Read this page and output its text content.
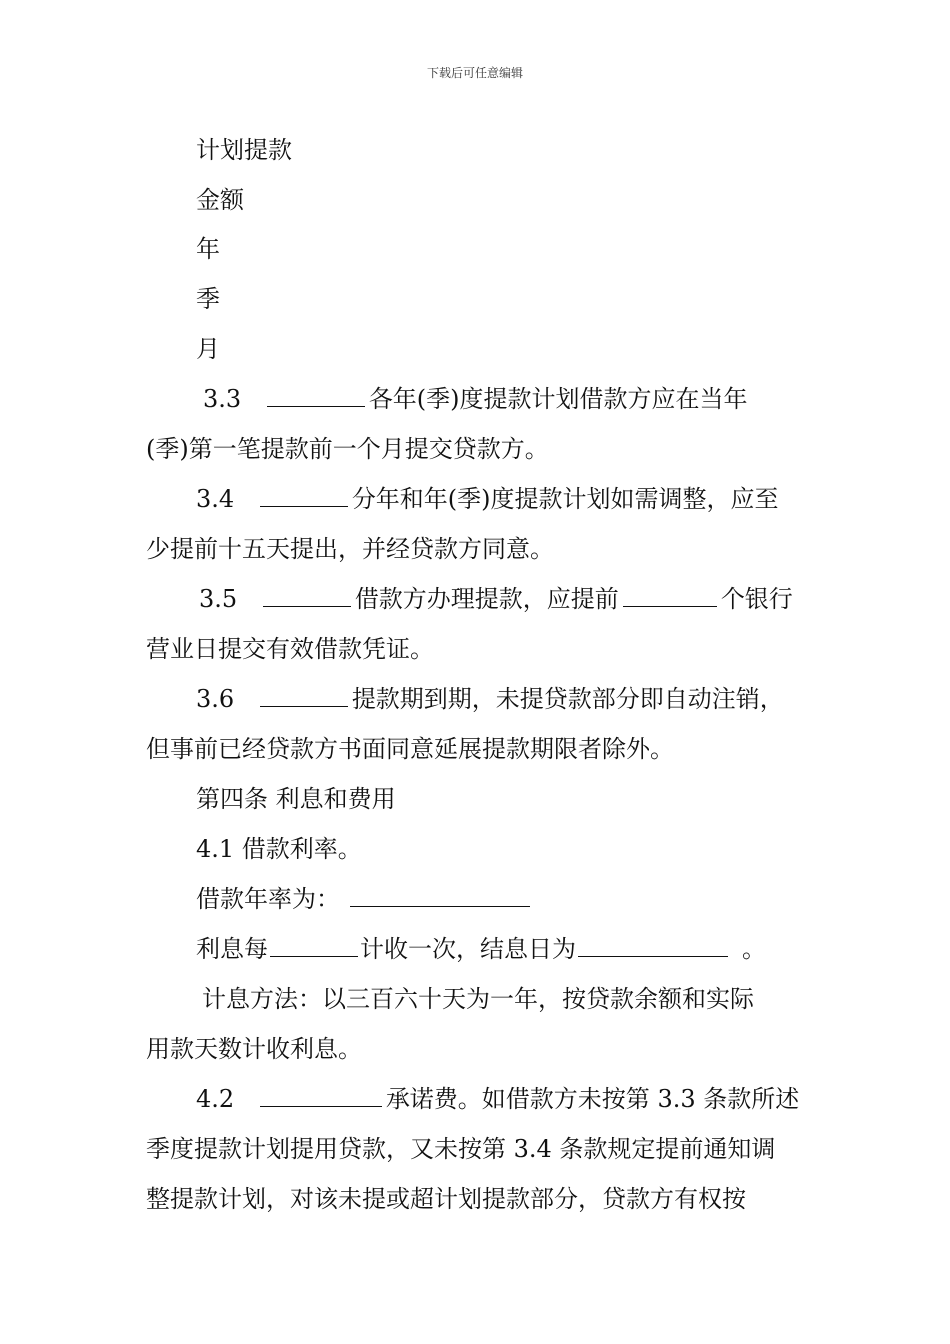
下载后可任意编辑
计划提款
金额
年
季
月
3.3	各年(季)度提款计划借款方应在当年
(季)第一笔提款前一个月提交贷款方。
3.4	分年和年(季)度提款计划如需调整，应至
少提前十五天提出，并经贷款方同意。
3.5	借款方办理提款，应提前	个银行
营业日提交有效借款凭证。
3.6	提款期到期，未提贷款部分即自动注销，
但事前已经贷款方书面同意延展提款期限者除外。
第四条 利息和费用
4.1 借款利率。
借款年率为：
利息每	计收一次，结息日为	。
计息方法：以三百六十天为一年，按贷款余额和实际
用款天数计收利息。
4.2	承诺费。如借款方未按第 3.3 条款所述
季度提款计划提用贷款，又未按第 3.4 条款规定提前通知调
整提款计划，对该未提或超计划提款部分，贷款方有权按
